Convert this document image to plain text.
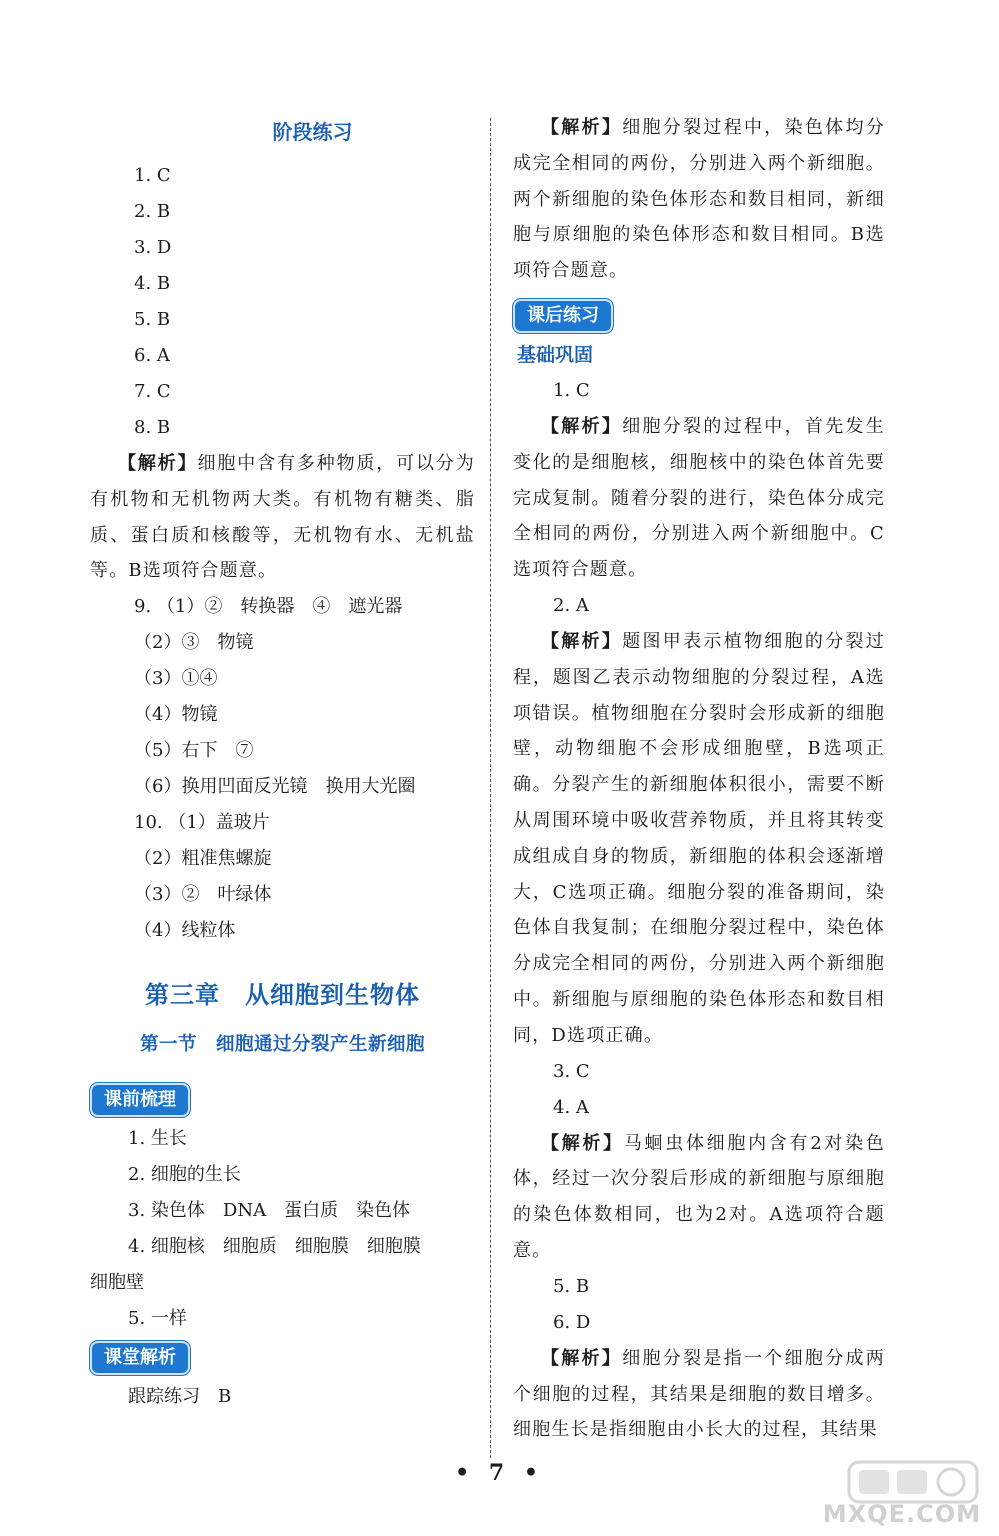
阶段练习
1. C
2. B
3. D
4. B
5. B
6. A
7. C
8. B
【解析】细胞中含有多种物质，可以分为有机物和无机物两大类。有机物有糖类、脂质、蛋白质和核酸等，无机物有水、无机盐等。B选项符合题意。
9. （1）②　转换器　④　遮光器
（2）③　物镜
（3）①④
（4）物镜
（5）右下　⑦
（6）换用凹面反光镜　换用大光圈
10. （1）盖玻片
（2）粗准焦螺旋
（3）②　叶绿体
（4）线粒体
第三章　从细胞到生物体
第一节　细胞通过分裂产生新细胞
课前梳理
1. 生长
2. 细胞的生长
3. 染色体　DNA　蛋白质　染色体
4. 细胞核　细胞质　细胞膜　细胞膜
细胞壁
5. 一样
课堂解析
跟踪练习　B
【解析】细胞分裂过程中，染色体均分成完全相同的两份，分别进入两个新细胞。两个新细胞的染色体形态和数目相同，新细胞与原细胞的染色体形态和数目相同。B选项符合题意。
课后练习
基础巩固
1. C
【解析】细胞分裂的过程中，首先发生变化的是细胞核，细胞核中的染色体首先要完成复制。随着分裂的进行，染色体分成完全相同的两份，分别进入两个新细胞中。C选项符合题意。
2. A
【解析】题图甲表示植物细胞的分裂过程，题图乙表示动物细胞的分裂过程，A选项错误。植物细胞在分裂时会形成新的细胞壁，动物细胞不会形成细胞壁，B选项正确。分裂产生的新细胞体积很小，需要不断从周围环境中吸收营养物质，并且将其转变成组成自身的物质，新细胞的体积会逐渐增大，C选项正确。细胞分裂的准备期间，染色体自我复制；在细胞分裂过程中，染色体分成完全相同的两份，分别进入两个新细胞中。新细胞与原细胞的染色体形态和数目相同，D选项正确。
3. C
4. A
【解析】马蛔虫体细胞内含有2对染色体，经过一次分裂后形成的新细胞与原细胞的染色体数相同，也为2对。A选项符合题意。
5. B
6. D
【解析】细胞分裂是指一个细胞分成两个细胞的过程，其结果是细胞的数目增多。细胞生长是指细胞由小长大的过程，其结果
• 7 •
MXQE.COM
